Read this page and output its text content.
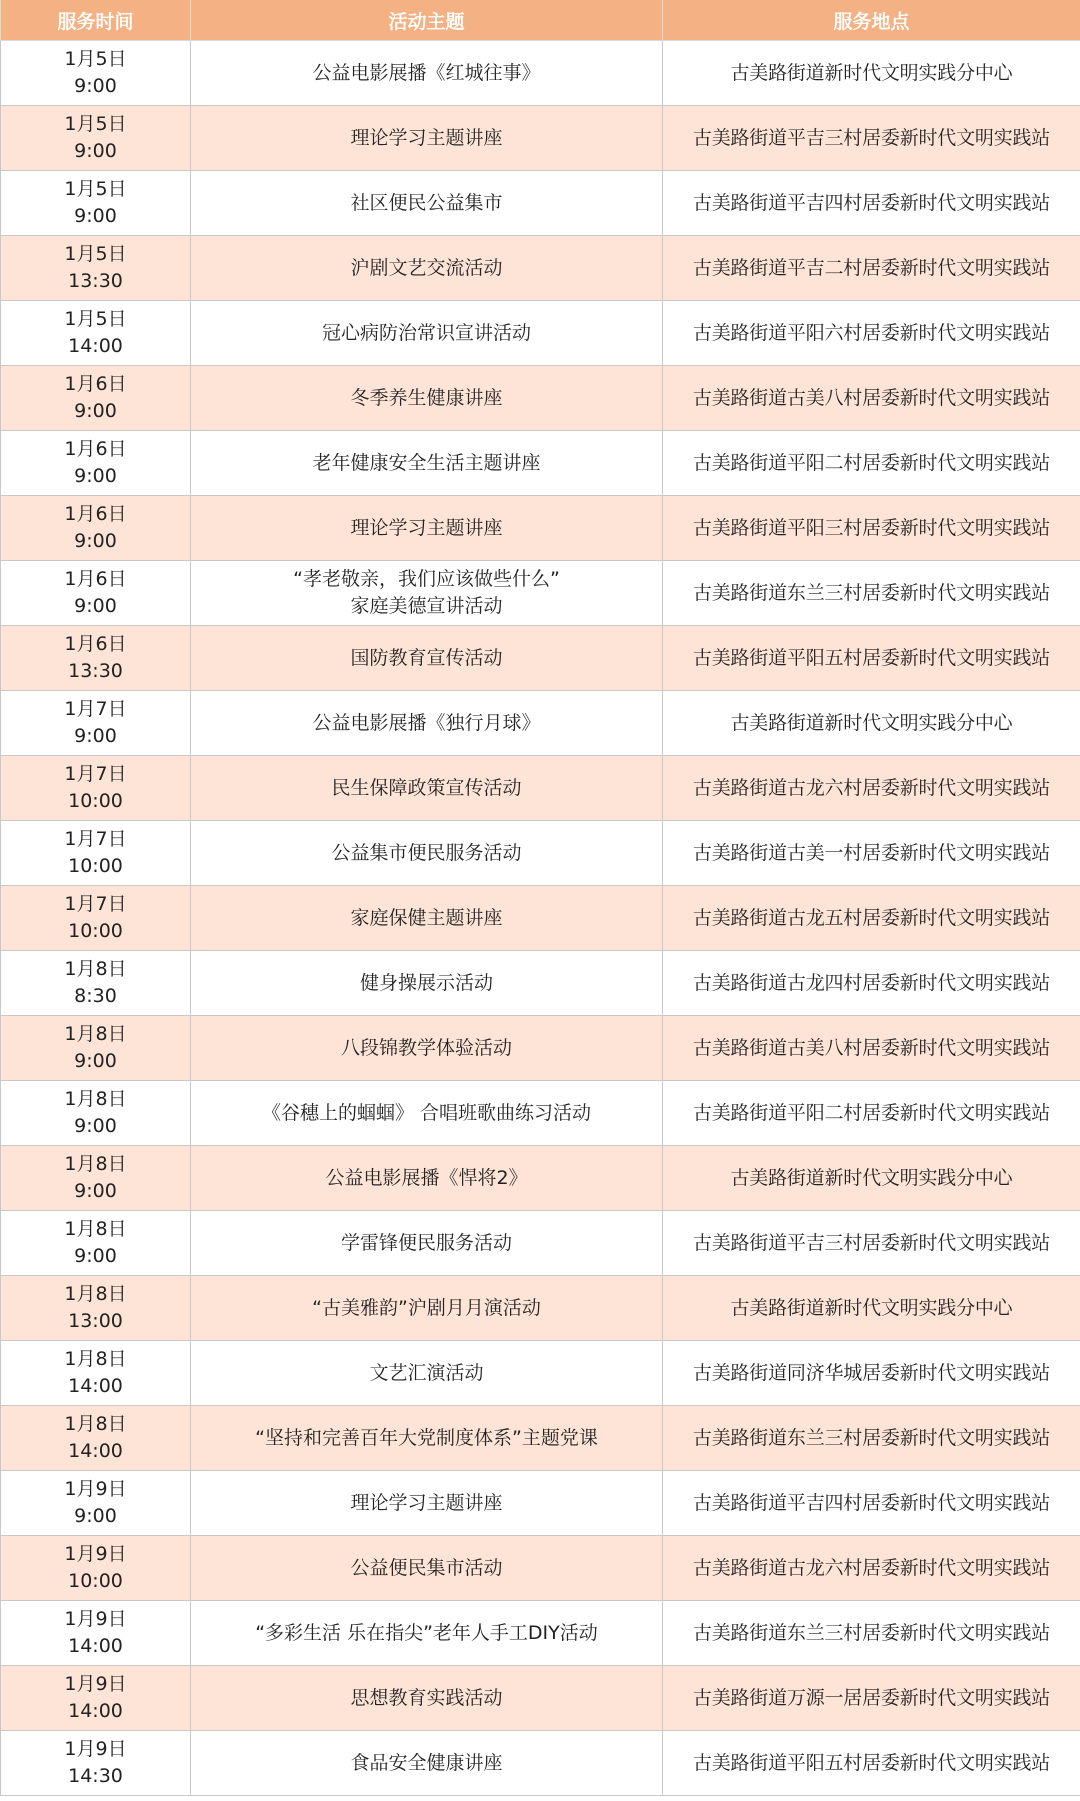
服务时间	活动主题	服务地点

1月5日
9:00	公益电影展播《红城往事》	古美路街道新时代文明实践分中心

1月5日
9:00	理论学习主题讲座	古美路街道平吉三村居委新时代文明实践站

1月5日
9:00	社区便民公益集市	古美路街道平吉四村居委新时代文明实践站

1月5日
13:30	沪剧文艺交流活动	古美路街道平吉二村居委新时代文明实践站

1月5日
14:00	冠心病防治常识宣讲活动	古美路街道平阳六村居委新时代文明实践站

1月6日
9:00	冬季养生健康讲座	古美路街道古美八村居委新时代文明实践站

1月6日
9:00	老年健康安全生活主题讲座	古美路街道平阳二村居委新时代文明实践站

1月6日
9:00	理论学习主题讲座	古美路街道平阳三村居委新时代文明实践站

1月6日
9:00	“孝老敬亲，我们应该做些什么”
家庭美德宣讲活动	古美路街道东兰三村居委新时代文明实践站

1月6日
13:30	国防教育宣传活动	古美路街道平阳五村居委新时代文明实践站

1月7日
9:00	公益电影展播《独行月球》	古美路街道新时代文明实践分中心

1月7日
10:00	民生保障政策宣传活动	古美路街道古龙六村居委新时代文明实践站

1月7日
10:00	公益集市便民服务活动	古美路街道古美一村居委新时代文明实践站

1月7日
10:00	家庭保健主题讲座	古美路街道古龙五村居委新时代文明实践站

1月8日
8:30	健身操展示活动	古美路街道古龙四村居委新时代文明实践站

1月8日
9:00	八段锦教学体验活动	古美路街道古美八村居委新时代文明实践站

1月8日
9:00	《谷穗上的蝈蝈》 合唱班歌曲练习活动	古美路街道平阳二村居委新时代文明实践站

1月8日
9:00	公益电影展播《悍将2》	古美路街道新时代文明实践分中心

1月8日
9:00	学雷锋便民服务活动	古美路街道平吉三村居委新时代文明实践站

1月8日
13:00	“古美雅韵”沪剧月月演活动	古美路街道新时代文明实践分中心

1月8日
14:00	文艺汇演活动	古美路街道同济华城居委新时代文明实践站

1月8日
14:00	“坚持和完善百年大党制度体系”主题党课	古美路街道东兰三村居委新时代文明实践站

1月9日
9:00	理论学习主题讲座	古美路街道平吉四村居委新时代文明实践站

1月9日
10:00	公益便民集市活动	古美路街道古龙六村居委新时代文明实践站

1月9日
14:00	“多彩生活 乐在指尖”老年人手工DIY活动	古美路街道东兰三村居委新时代文明实践站

1月9日
14:00	思想教育实践活动	古美路街道万源一居居委新时代文明实践站

1月9日
14:30	食品安全健康讲座	古美路街道平阳五村居委新时代文明实践站
